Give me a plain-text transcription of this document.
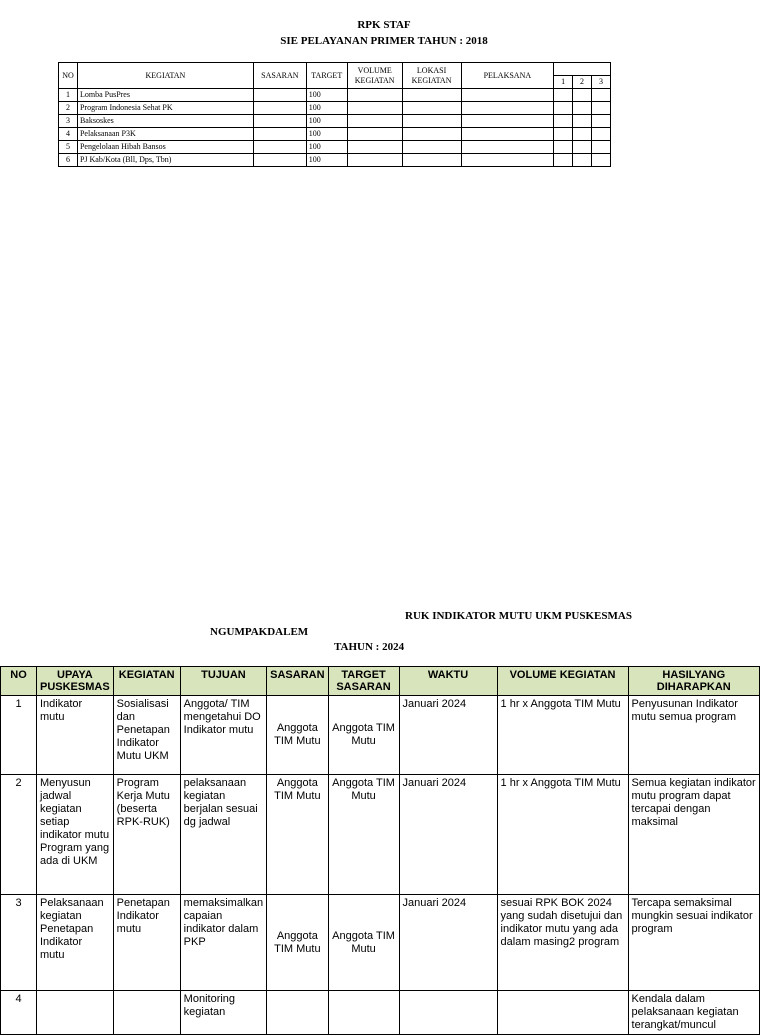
RPK STAF
SIE PELAYANAN PRIMER TAHUN : 2018
NO	KEGIATAN	SASARAN	TARGET	VOLUME KEGIATAN	LOKASI KEGIATAN	PELAKSANA			
							1	2	3
1	Lomba PusPres		100						
2	Program Indonesia Sehat PK		100						
3	Baksoskes		100						
4	Pelaksanaan P3K		100						
5	Pengelolaan Hibah Bansos		100						
6	PJ Kab/Kota (Bll, Dps, Tbn)		100						
RUK INDIKATOR MUTU UKM PUSKESMAS
NGUMPAKDALEM
TAHUN : 2024
NO	UPAYA PUSKESMAS	KEGIATAN	TUJUAN	SASARAN	TARGET SASARAN	WAKTU	VOLUME KEGIATAN	HASILYANG DIHARAPKAN
1	Indikator mutu	Sosialisasi dan Penetapan Indikator Mutu UKM	Anggota/ TIM mengetahui DO Indikator mutu	Anggota TIM Mutu	Anggota TIM Mutu	Januari 2024	1 hr x Anggota TIM Mutu	Penyusunan Indikator mutu semua program
2	Menyusun jadwal kegiatan setiap indikator mutu Program yang ada di UKM	Program Kerja Mutu (beserta RPK-RUK)	pelaksanaan kegiatan berjalan sesuai dg jadwal	Anggota TIM Mutu	Anggota TIM Mutu	Januari 2024	1 hr x Anggota TIM Mutu	Semua kegiatan indikator mutu program dapat tercapai dengan maksimal
3	Pelaksanaan kegiatan Penetapan Indikator mutu	Penetapan Indikator mutu	memaksimalkan capaian indikator dalam PKP	Anggota TIM Mutu	Anggota TIM Mutu	Januari 2024	sesuai RPK BOK 2024 yang sudah disetujui dan indikator mutu yang ada dalam masing2 program	Tercapa semaksimal mungkin sesuai indikator program
4			Monitoring kegiatan					Kendala dalam pelaksanaan kegiatan terangkat/muncul
